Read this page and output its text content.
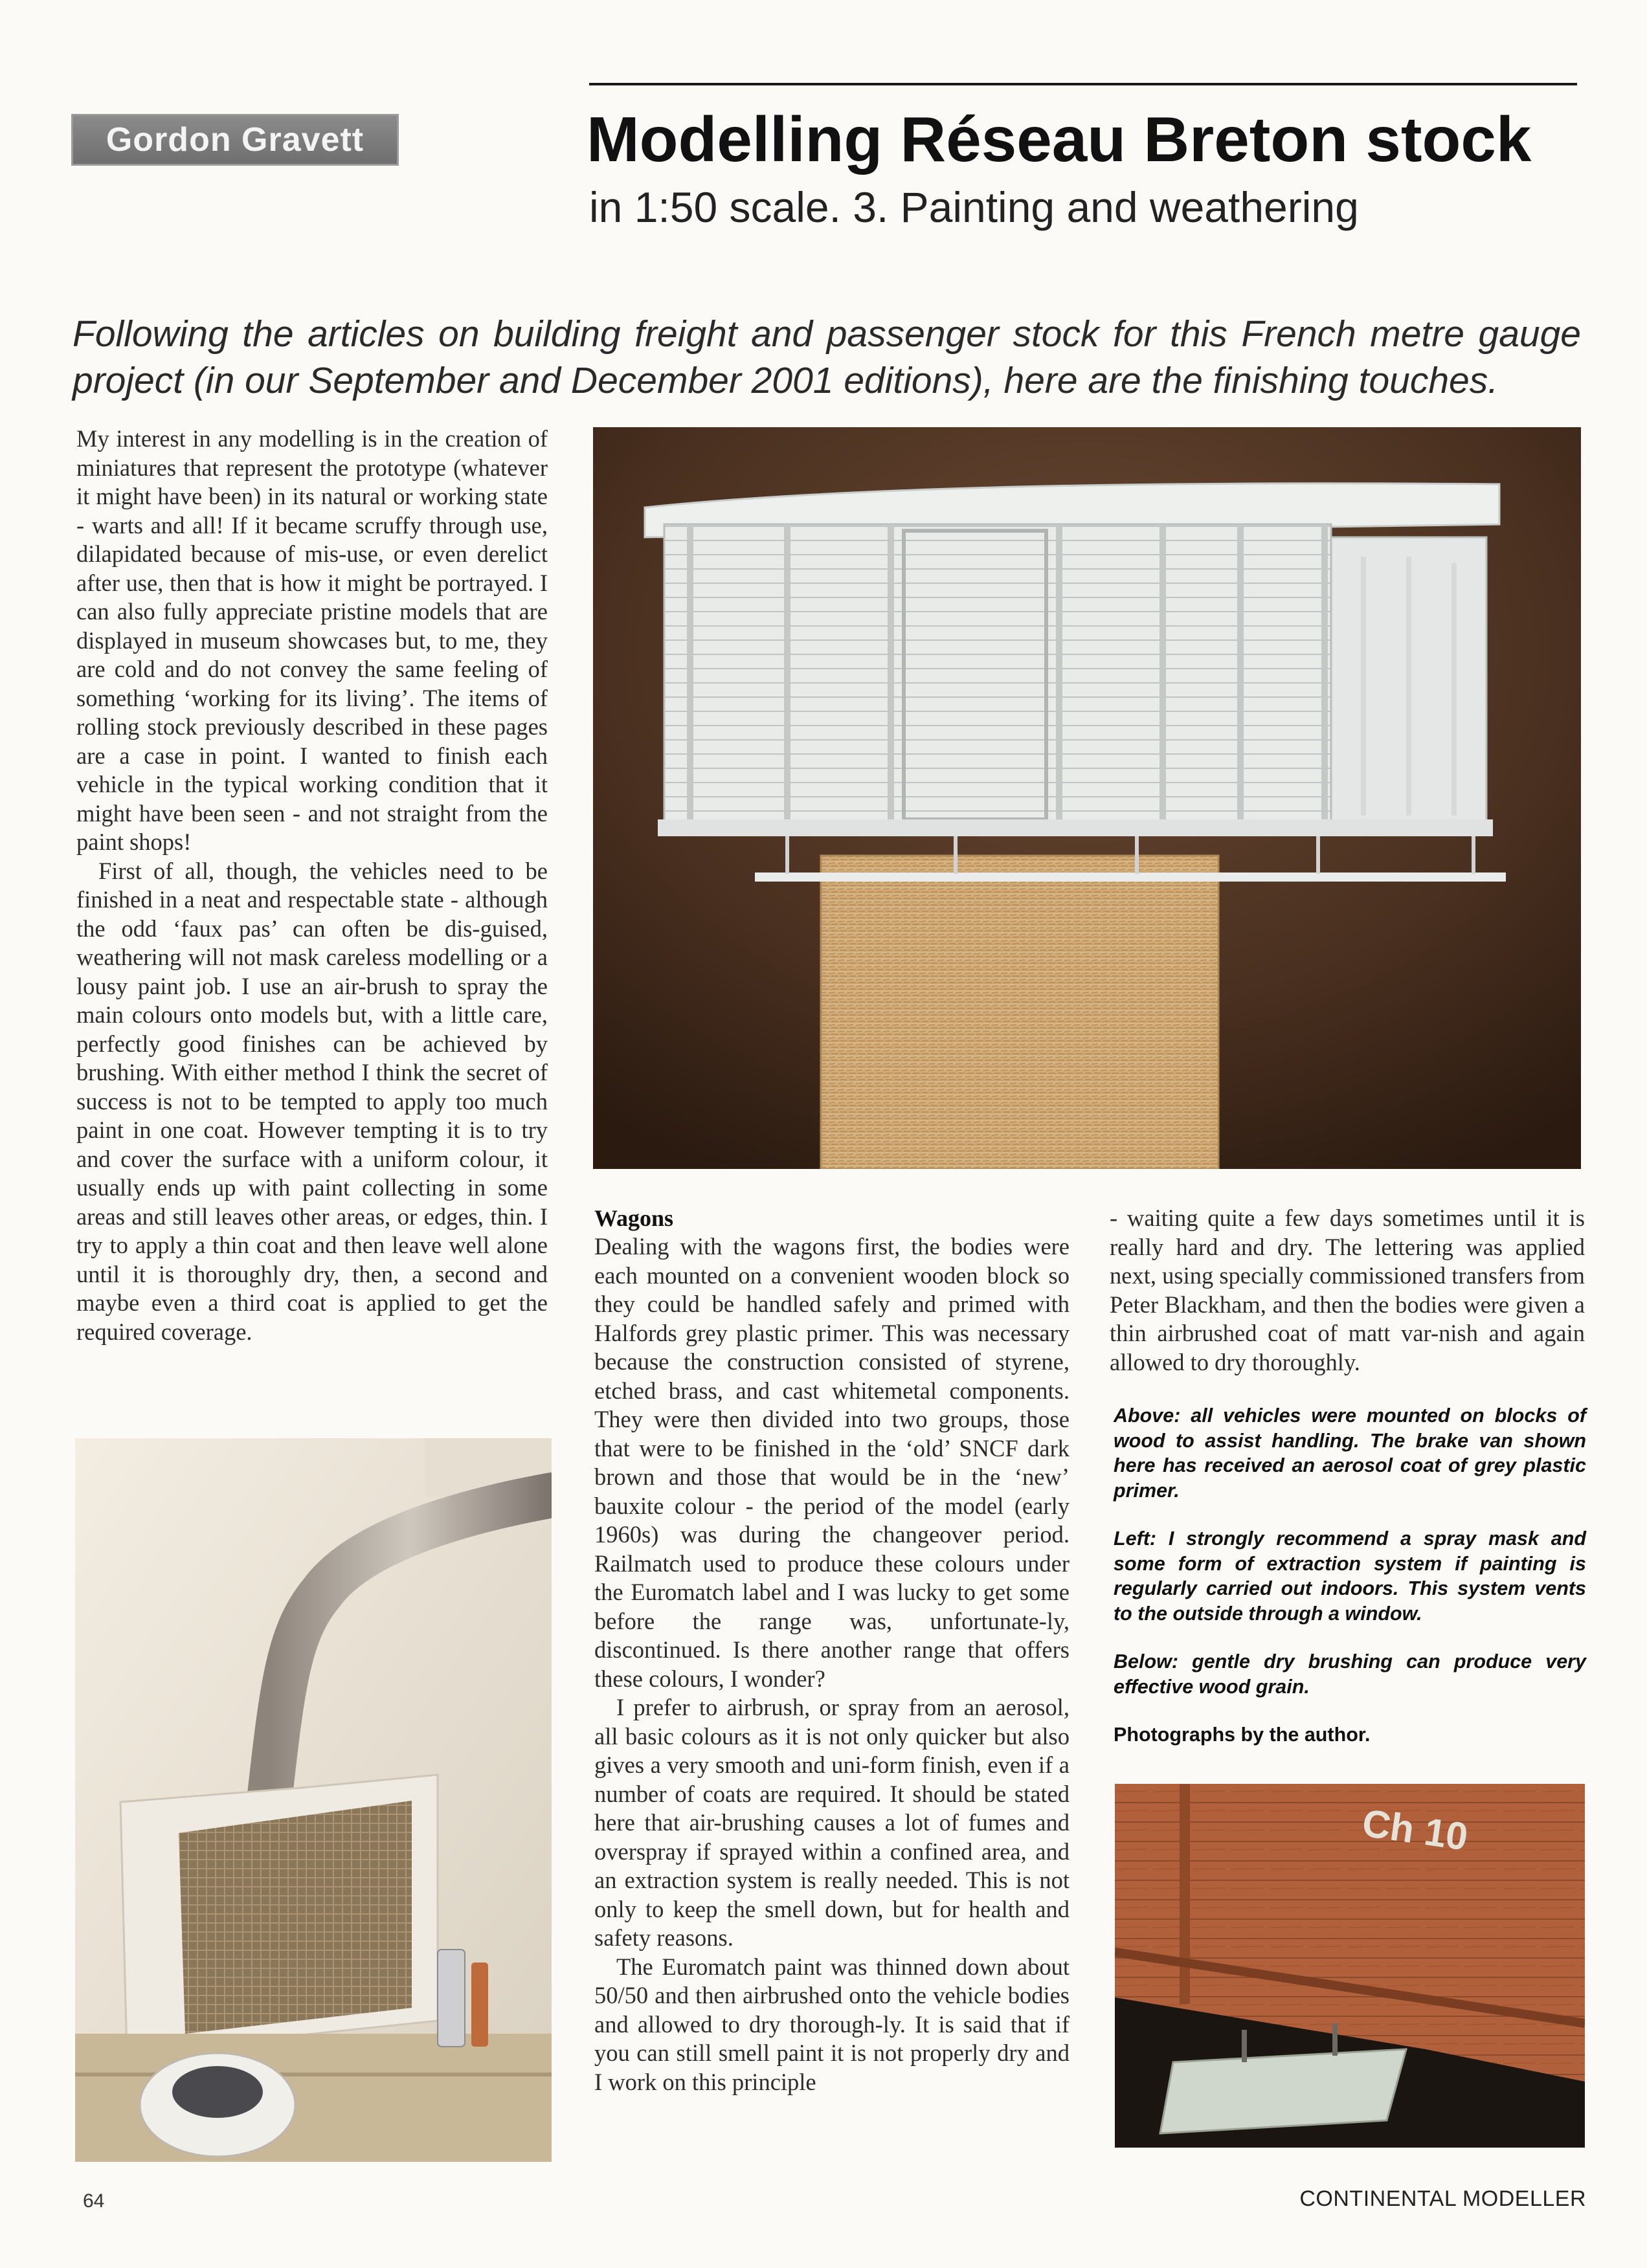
Gordon Gravett	Modelling Réseau Breton stock
in 1:50 scale. 3. Painting and weathering
Following the articles on building freight and passenger stock for this French metre gauge project (in our September and December 2001 editions), here are the finishing touches.

My interest in any modelling is in the creation of miniatures that represent the prototype (whatever it might have been) in its natural or working state - warts and all! If it became scruffy through use, dilapidated because of mis-use, or even derelict after use, then that is how it might be portrayed. I can also fully appreciate pristine models that are displayed in museum showcases but, to me, they are cold and do not convey the same feeling of something ‘working for its living’. The items of rolling stock previously described in these pages are a case in point. I wanted to finish each vehicle in the typical working condition that it might have been seen - and not straight from the paint shops!

First of all, though, the vehicles need to be finished in a neat and respectable state - although the odd ‘faux pas’ can often be dis-guised, weathering will not mask careless modelling or a lousy paint job. I use an air-brush to spray the main colours onto models but, with a little care, perfectly good finishes can be achieved by brushing. With either method I think the secret of success is not to be tempted to apply too much paint in one coat. However tempting it is to try and cover the surface with a uniform colour, it usually ends up with paint collecting in some areas and still leaves other areas, or edges, thin. I try to apply a thin coat and then leave well alone until it is thoroughly dry, then, a second and maybe even a third coat is applied to get the required coverage.

Wagons

Dealing with the wagons first, the bodies were each mounted on a convenient wooden block so they could be handled safely and primed with Halfords grey plastic primer. This was necessary because the construction consisted of styrene, etched brass, and cast whitemetal components. They were then divided into two groups, those that were to be finished in the ‘old’ SNCF dark brown and those that would be in the ‘new’ bauxite colour - the period of the model (early 1960s) was during the changeover period. Railmatch used to produce these colours under the Euromatch label and I was lucky to get some before the range was, unfortunate-ly, discontinued. Is there another range that offers these colours, I wonder?

I prefer to airbrush, or spray from an aerosol, all basic colours as it is not only quicker but also gives a very smooth and uni-form finish, even if a number of coats are required. It should be stated here that air-brushing causes a lot of fumes and overspray if sprayed within a confined area, and an extraction system is really needed. This is not only to keep the smell down, but for health and safety reasons.

The Euromatch paint was thinned down about 50/50 and then airbrushed onto the vehicle bodies and allowed to dry thorough-ly. It is said that if you can still smell paint it is not properly dry and I work on this principle

- waiting quite a few days sometimes until it is really hard and dry. The lettering was applied next, using specially commissioned transfers from Peter Blackham, and then the bodies were given a thin airbrushed coat of matt var-nish and again allowed to dry thoroughly.

Above: all vehicles were mounted on blocks of wood to assist handling. The brake van shown here has received an aerosol coat of grey plastic primer.

Left: I strongly recommend a spray mask and some form of extraction system if painting is regularly carried out indoors. This system vents to the outside through a window.

Below: gentle dry brushing can produce very effective wood grain.

Photographs by the author.

Ch 10
64	CONTINENTAL MODELLER
